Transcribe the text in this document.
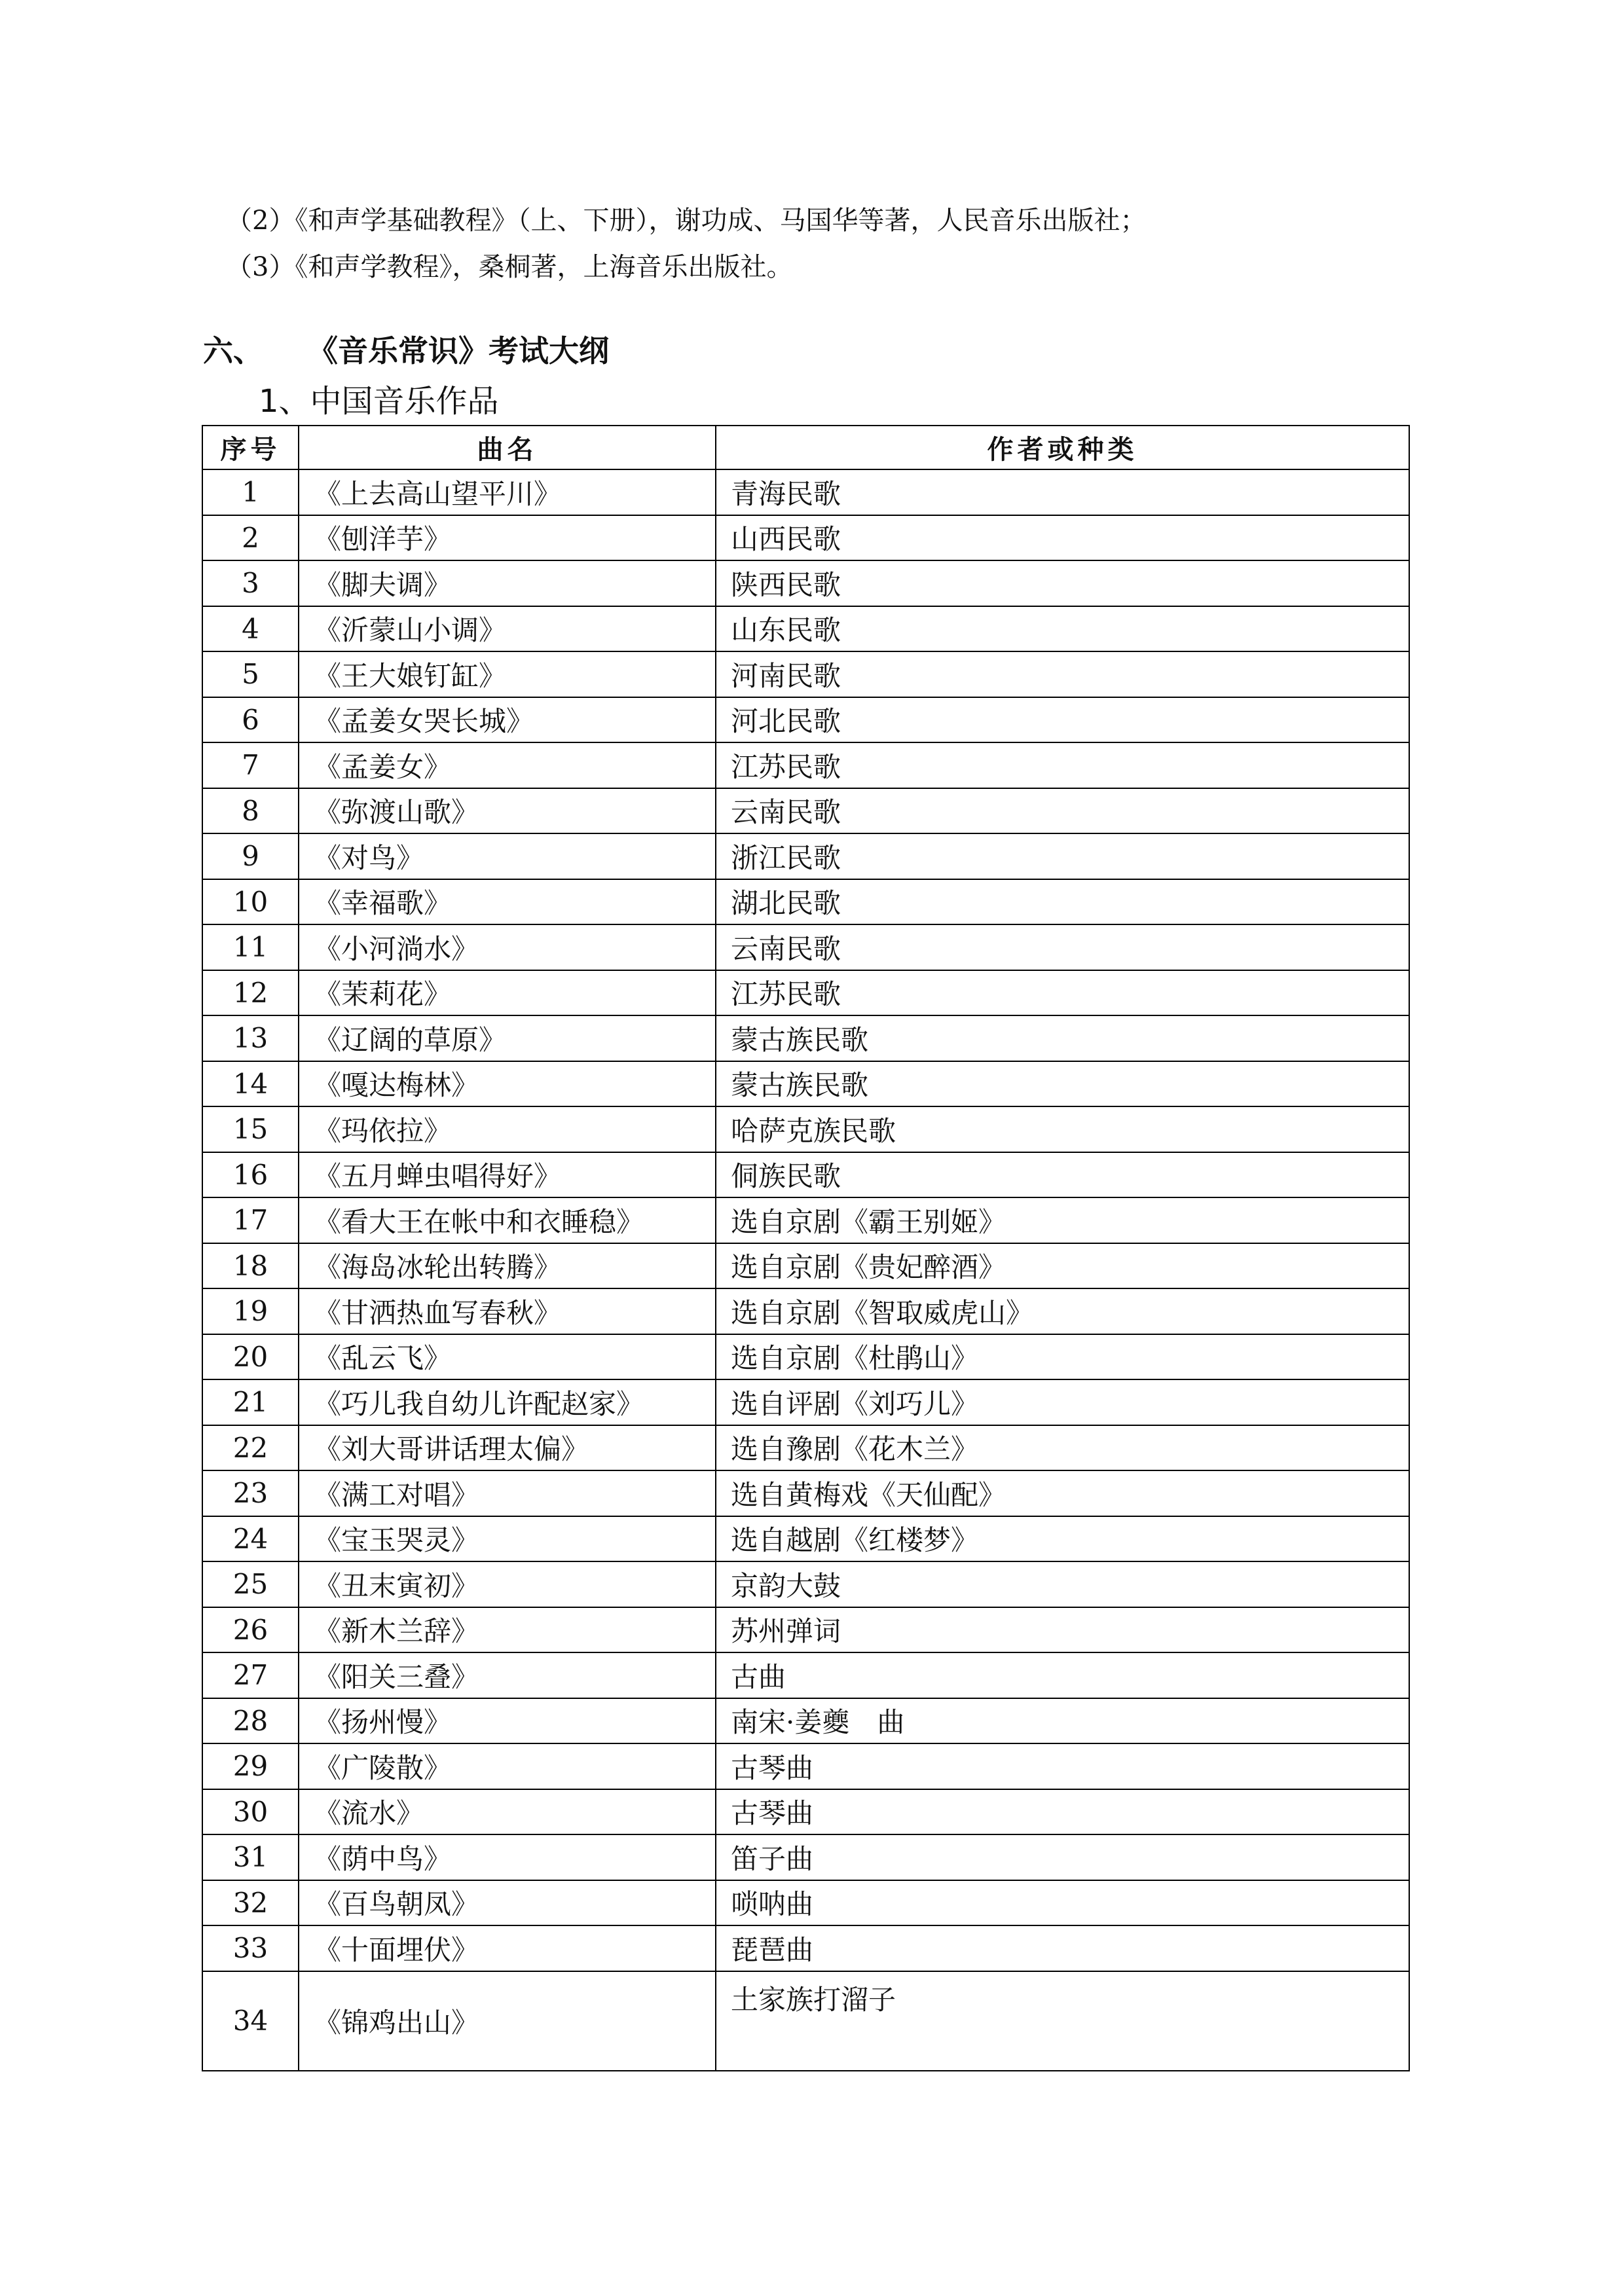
（2）《和声学基础教程》（上、下册），谢功成、马国华等著，人民音乐出版社；
（3）《和声学教程》，桑桐著，上海音乐出版社。
六、 《音乐常识》考试大纲
1、中国音乐作品
序号	曲名	作者或种类
1	《上去高山望平川》	青海民歌
2	《刨洋芋》	山西民歌
3	《脚夫调》	陕西民歌
4	《沂蒙山小调》	山东民歌
5	《王大娘钉缸》	河南民歌
6	《孟姜女哭长城》	河北民歌
7	《孟姜女》	江苏民歌
8	《弥渡山歌》	云南民歌
9	《对鸟》	浙江民歌
10	《幸福歌》	湖北民歌
11	《小河淌水》	云南民歌
12	《茉莉花》	江苏民歌
13	《辽阔的草原》	蒙古族民歌
14	《嘎达梅林》	蒙古族民歌
15	《玛依拉》	哈萨克族民歌
16	《五月蝉虫唱得好》	侗族民歌
17	《看大王在帐中和衣睡稳》	选自京剧《霸王别姬》
18	《海岛冰轮出转腾》	选自京剧《贵妃醉酒》
19	《甘洒热血写春秋》	选自京剧《智取威虎山》
20	《乱云飞》	选自京剧《杜鹃山》
21	《巧儿我自幼儿许配赵家》	选自评剧《刘巧儿》
22	《刘大哥讲话理太偏》	选自豫剧《花木兰》
23	《满工对唱》	选自黄梅戏《天仙配》
24	《宝玉哭灵》	选自越剧《红楼梦》
25	《丑末寅初》	京韵大鼓
26	《新木兰辞》	苏州弹词
27	《阳关三叠》	古曲
28	《扬州慢》	南宋·姜夔　曲
29	《广陵散》	古琴曲
30	《流水》	古琴曲
31	《荫中鸟》	笛子曲
32	《百鸟朝凤》	唢呐曲
33	《十面埋伏》	琵琶曲
34	《锦鸡出山》	土家族打溜子
